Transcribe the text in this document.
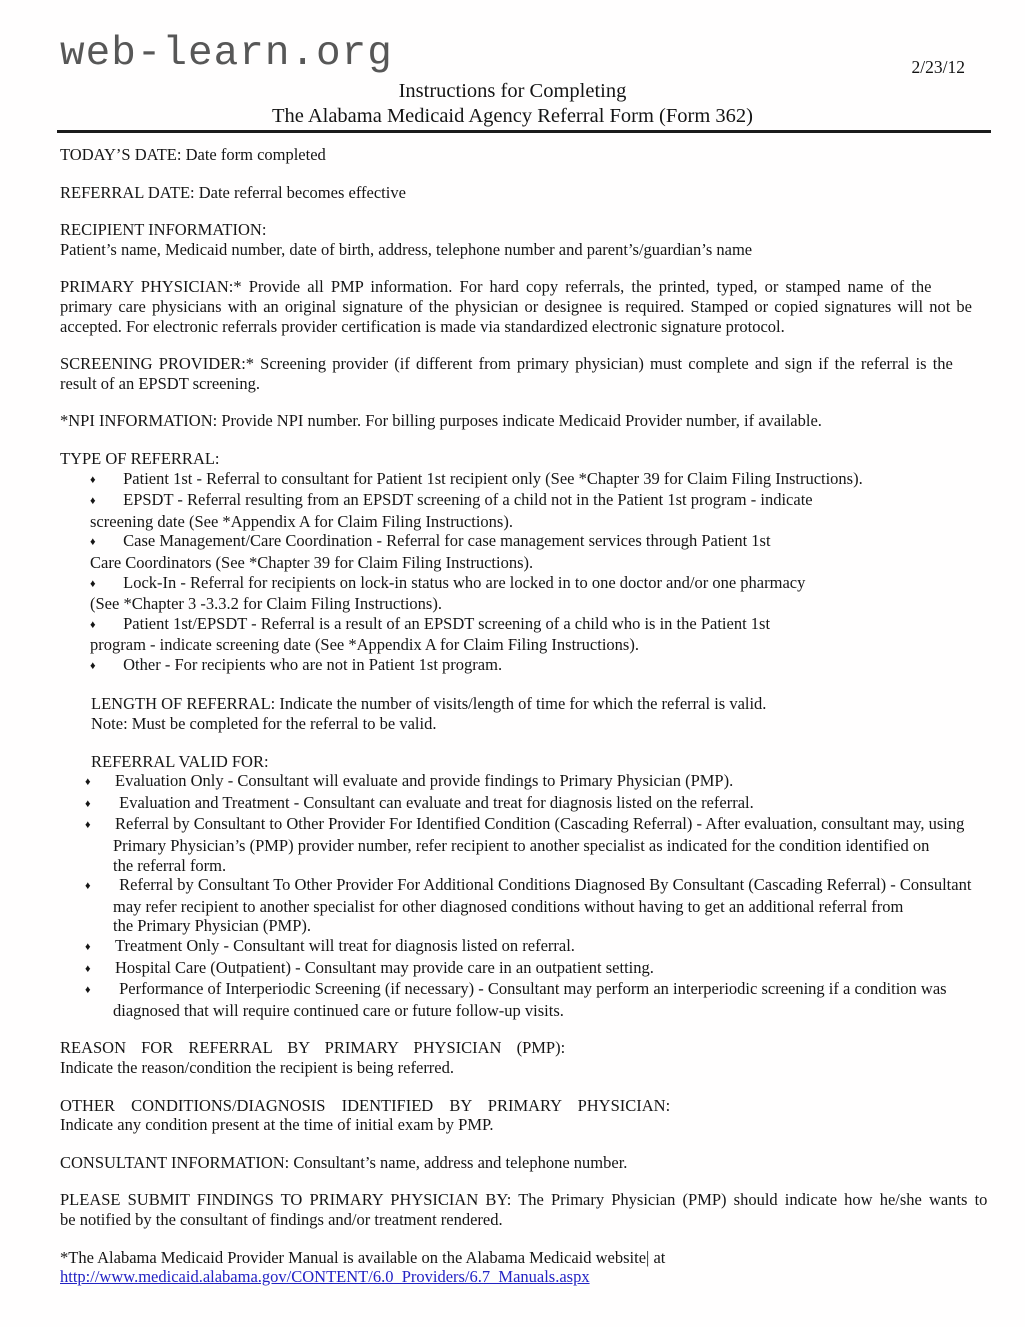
web-learn.org	2/23/12
Instructions for Completing
The Alabama Medicaid Agency Referral Form (Form 362)
TODAY’S DATE: Date form completed
REFERRAL DATE: Date referral becomes effective
RECIPIENT INFORMATION:
Patient’s name, Medicaid number, date of birth, address, telephone number and parent’s/guardian’s name
PRIMARY PHYSICIAN:* Provide all PMP information. For hard copy referrals, the printed, typed, or stamped name of the
primary care physicians with an original signature of the physician or designee is required. Stamped or copied signatures will not be
accepted. For electronic referrals provider certification is made via standardized electronic signature protocol.
SCREENING PROVIDER:* Screening provider (if different from primary physician) must complete and sign if the referral is the
result of an EPSDT screening.
*NPI INFORMATION: Provide NPI number. For billing purposes indicate Medicaid Provider number, if available.
TYPE OF REFERRAL:
♦ Patient 1st - Referral to consultant for Patient 1st recipient only (See *Chapter 39 for Claim Filing Instructions).
♦ EPSDT - Referral resulting from an EPSDT screening of a child not in the Patient 1st program - indicate
screening date (See *Appendix A for Claim Filing Instructions).
♦ Case Management/Care Coordination - Referral for case management services through Patient 1st
Care Coordinators (See *Chapter 39 for Claim Filing Instructions).
♦ Lock-In - Referral for recipients on lock-in status who are locked in to one doctor and/or one pharmacy
(See *Chapter 3 -3.3.2 for Claim Filing Instructions).
♦ Patient 1st/EPSDT - Referral is a result of an EPSDT screening of a child who is in the Patient 1st
program - indicate screening date (See *Appendix A for Claim Filing Instructions).
♦ Other - For recipients who are not in Patient 1st program.
LENGTH OF REFERRAL: Indicate the number of visits/length of time for which the referral is valid.
Note: Must be completed for the referral to be valid.
REFERRAL VALID FOR:
♦ Evaluation Only - Consultant will evaluate and provide findings to Primary Physician (PMP).
♦ Evaluation and Treatment - Consultant can evaluate and treat for diagnosis listed on the referral.
♦ Referral by Consultant to Other Provider For Identified Condition (Cascading Referral) - After evaluation, consultant may, using
Primary Physician’s (PMP) provider number, refer recipient to another specialist as indicated for the condition identified on
the referral form.
♦ Referral by Consultant To Other Provider For Additional Conditions Diagnosed By Consultant (Cascading Referral) - Consultant
may refer recipient to another specialist for other diagnosed conditions without having to get an additional referral from
the Primary Physician (PMP).
♦ Treatment Only - Consultant will treat for diagnosis listed on referral.
♦ Hospital Care (Outpatient) - Consultant may provide care in an outpatient setting.
♦ Performance of Interperiodic Screening (if necessary) - Consultant may perform an interperiodic screening if a condition was
diagnosed that will require continued care or future follow-up visits.
REASON FOR REFERRAL BY PRIMARY PHYSICIAN (PMP):
Indicate the reason/condition the recipient is being referred.
OTHER CONDITIONS/DIAGNOSIS IDENTIFIED BY PRIMARY PHYSICIAN:
Indicate any condition present at the time of initial exam by PMP.
CONSULTANT INFORMATION: Consultant’s name, address and telephone number.
PLEASE SUBMIT FINDINGS TO PRIMARY PHYSICIAN BY: The Primary Physician (PMP) should indicate how he/she wants to
be notified by the consultant of findings and/or treatment rendered.
*The Alabama Medicaid Provider Manual is available on the Alabama Medicaid website| at
http://www.medicaid.alabama.gov/CONTENT/6.0_Providers/6.7_Manuals.aspx
